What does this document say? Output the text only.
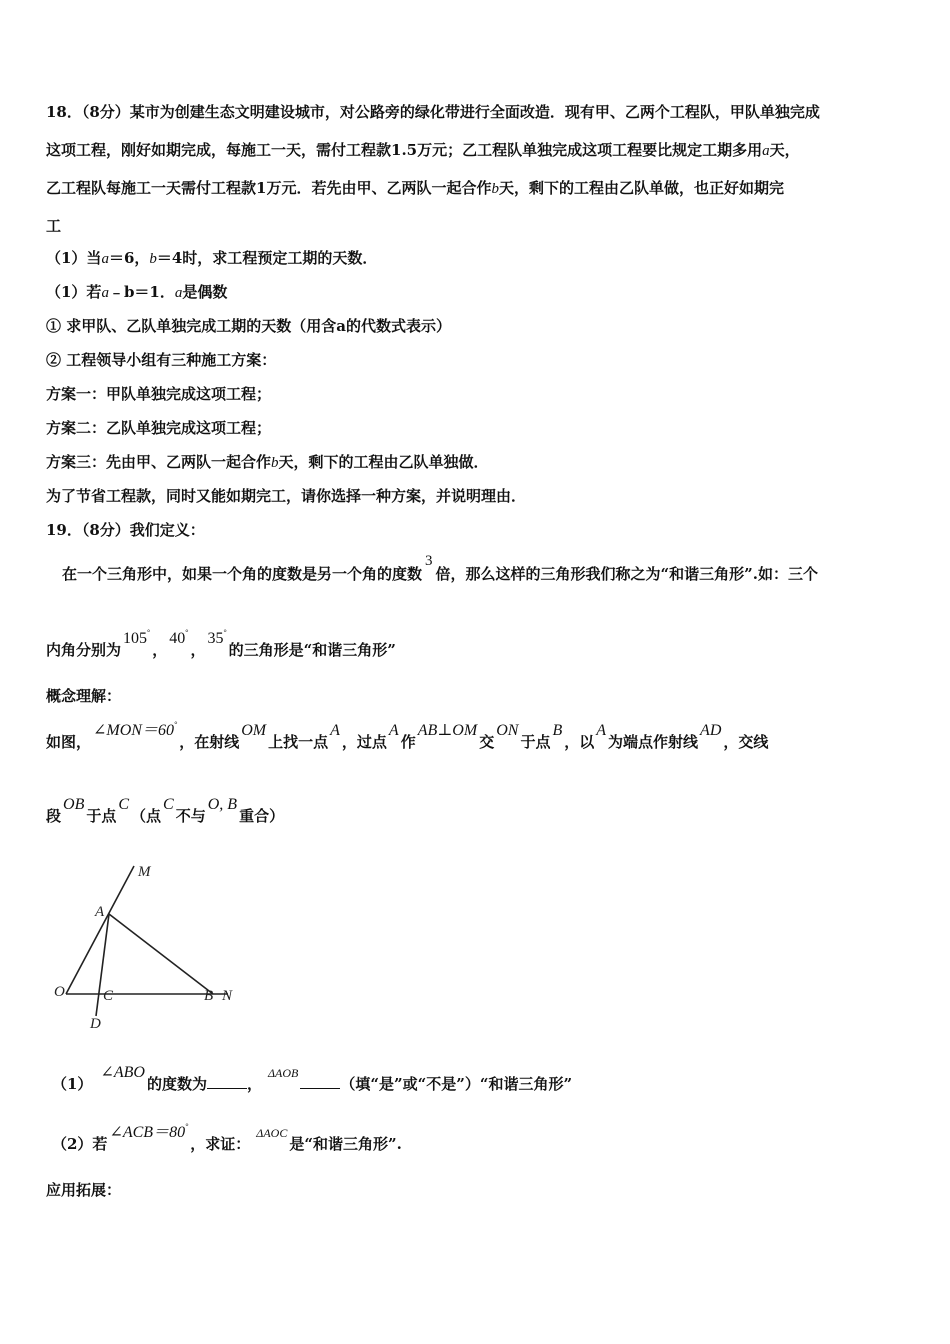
18．（8分）某市为创建生态文明建设城市，对公路旁的绿化带进行全面改造．现有甲、乙两个工程队，甲队单独完成
这项工程，刚好如期完成，每施工一天，需付工程款1.5万元；乙工程队单独完成这项工程要比规定工期多用a天，
乙工程队每施工一天需付工程款1万元．若先由甲、乙两队一起合作b天，剩下的工程由乙队单做，也正好如期完
工
（1）当a＝6，b＝4时，求工程预定工期的天数．
（1）若a﹣b＝1．a是偶数
① 求甲队、乙队单独完成工期的天数（用含a的代数式表示）
② 工程领导小组有三种施工方案：
方案一：甲队单独完成这项工程；
方案二：乙队单独完成这项工程；
方案三：先由甲、乙两队一起合作b天，剩下的工程由乙队单独做．
为了节省工程款，同时又能如期完工，请你选择一种方案，并说明理由．
19．（8分）我们定义：
在一个三角形中，如果一个角的度数是另一个角的度数3倍，那么这样的三角形我们称之为“和谐三角形”.如：三个
内角分别为105°，40°，35°的三角形是“和谐三角形”
概念理解：
如图，∠MON＝60°，在射线OM上找一点A，过点A作AB⊥OM交ON于点B，以A为端点作射线AD，交线
段OB于点C（点C不与O, B重合）
M
A
O	C	B N
D
（1）∠ABO的度数为	，ΔAOB（填“是”或“不是”）“和谐三角形”
（2）若∠ACB＝80°，求证：ΔAOC是“和谐三角形”.
应用拓展：
